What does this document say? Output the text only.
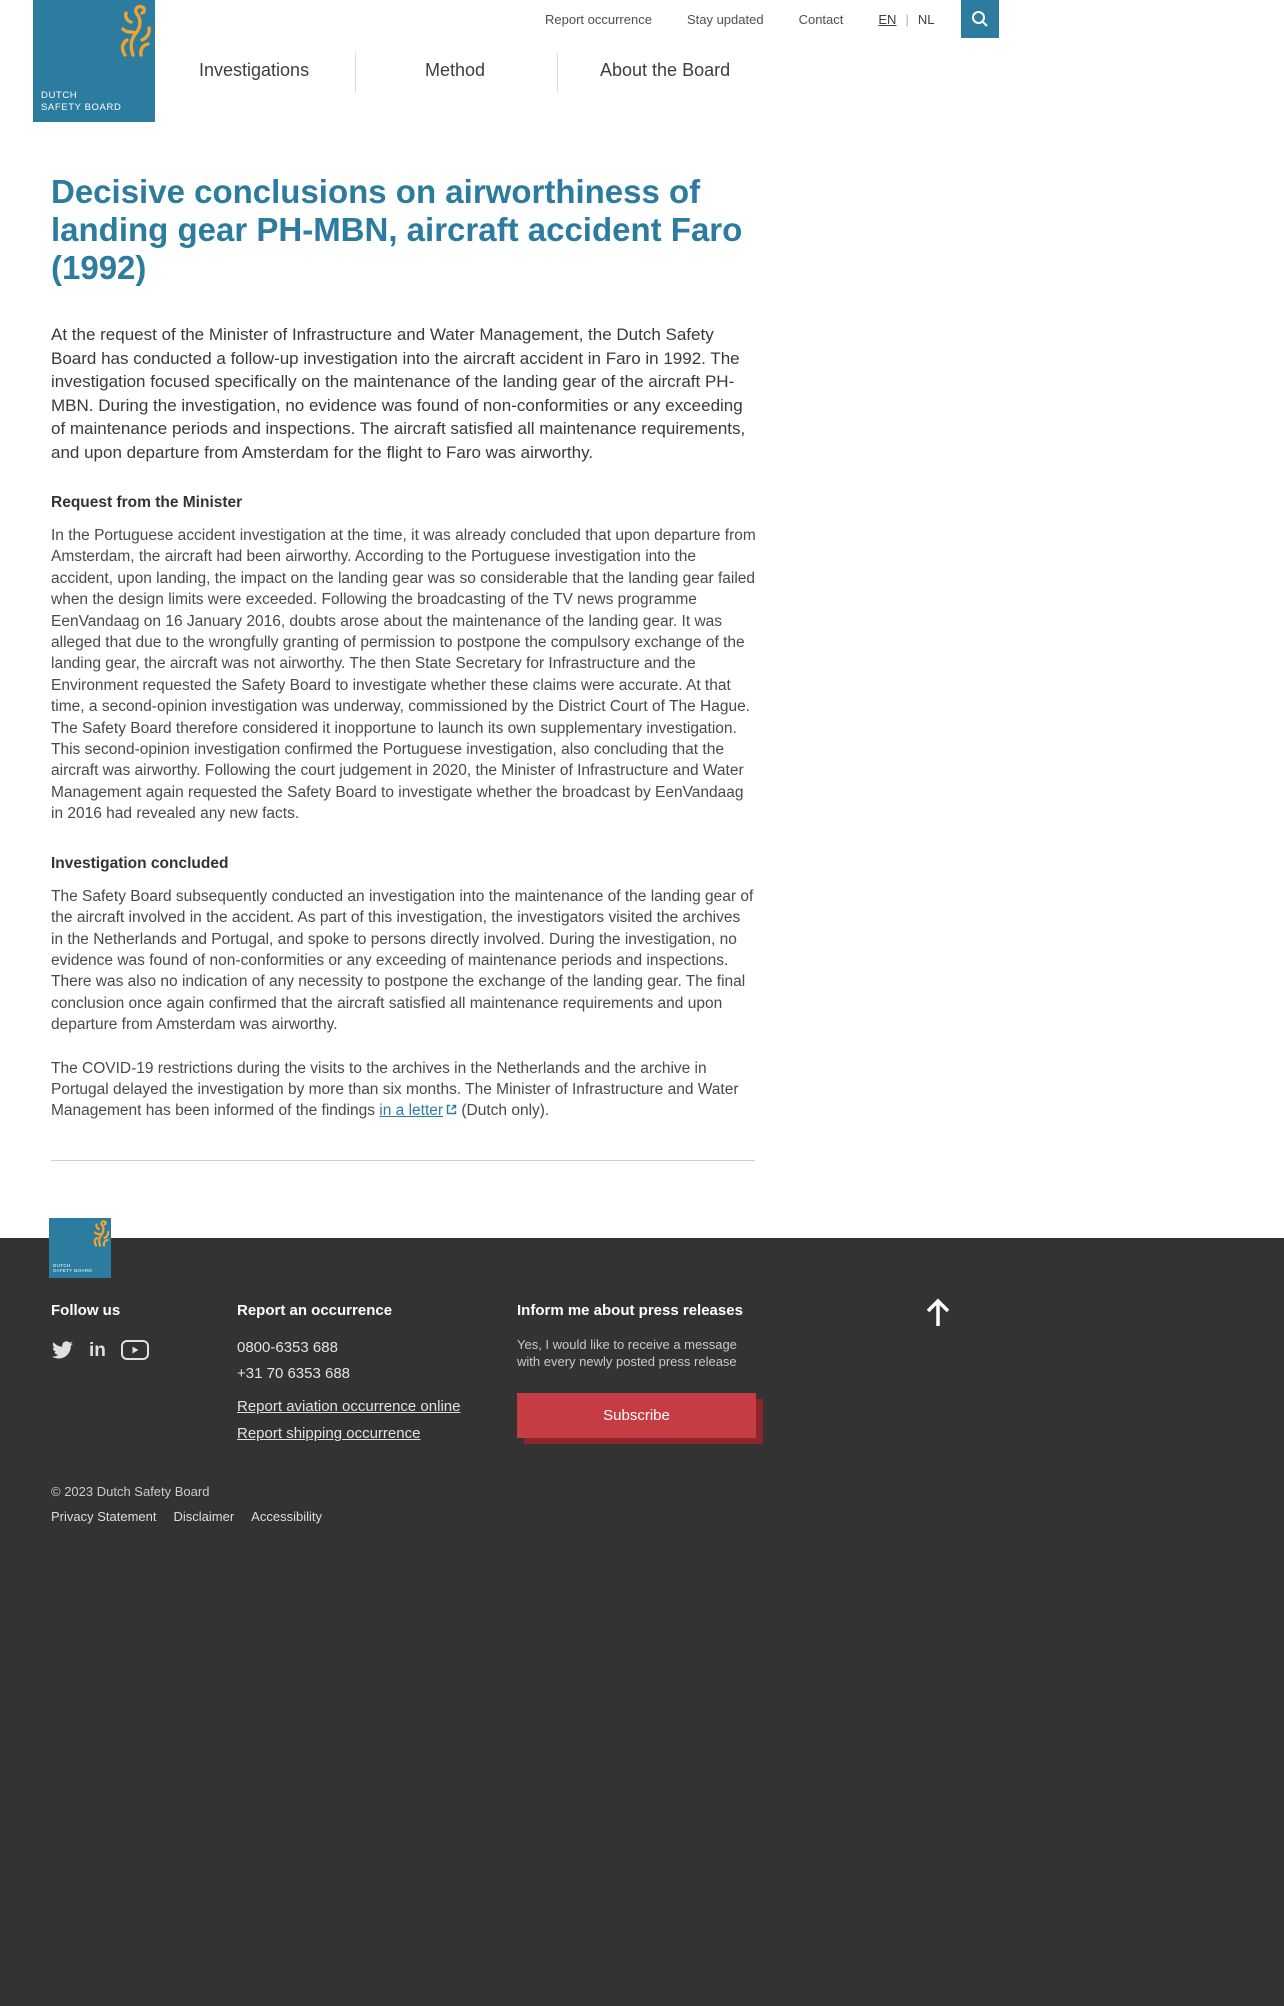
DUTCH
SAFETY BOARD
Report occurrence	Stay updated	Contact	EN | NL
Investigations	Method	About the Board
Decisive conclusions on airworthiness of landing gear PH-MBN, aircraft accident Faro (1992)

At the request of the Minister of Infrastructure and Water Management, the Dutch Safety Board has conducted a follow-up investigation into the aircraft accident in Faro in 1992. The investigation focused specifically on the maintenance of the landing gear of the aircraft PH-MBN. During the investigation, no evidence was found of non-conformities or any exceeding of maintenance periods and inspections. The aircraft satisfied all maintenance requirements, and upon departure from Amsterdam for the flight to Faro was airworthy.

Request from the Minister

In the Portuguese accident investigation at the time, it was already concluded that upon departure from Amsterdam, the aircraft had been airworthy. According to the Portuguese investigation into the accident, upon landing, the impact on the landing gear was so considerable that the landing gear failed when the design limits were exceeded. Following the broadcasting of the TV news programme EenVandaag on 16 January 2016, doubts arose about the maintenance of the landing gear. It was alleged that due to the wrongfully granting of permission to postpone the compulsory exchange of the landing gear, the aircraft was not airworthy. The then State Secretary for Infrastructure and the Environment requested the Safety Board to investigate whether these claims were accurate. At that time, a second-opinion investigation was underway, commissioned by the District Court of The Hague. The Safety Board therefore considered it inopportune to launch its own supplementary investigation. This second-opinion investigation confirmed the Portuguese investigation, also concluding that the aircraft was airworthy. Following the court judgement in 2020, the Minister of Infrastructure and Water Management again requested the Safety Board to investigate whether the broadcast by EenVandaag in 2016 had revealed any new facts.

Investigation concluded

The Safety Board subsequently conducted an investigation into the maintenance of the landing gear of the aircraft involved in the accident. As part of this investigation, the investigators visited the archives in the Netherlands and Portugal, and spoke to persons directly involved. During the investigation, no evidence was found of non-conformities or any exceeding of maintenance periods and inspections. There was also no indication of any necessity to postpone the exchange of the landing gear. The final conclusion once again confirmed that the aircraft satisfied all maintenance requirements and upon departure from Amsterdam was airworthy.

The COVID-19 restrictions during the visits to the archives in the Netherlands and the archive in Portugal delayed the investigation by more than six months. The Minister of Infrastructure and Water Management has been informed of the findings in a letter (Dutch only).

DUTCH
SAFETY BOARD
Follow us
in
Report an occurrence
0800-6353 688
+31 70 6353 688
Report aviation occurrence online
Report shipping occurrence
Inform me about press releases
Yes, I would like to receive a message with every newly posted press release
Subscribe
© 2023 Dutch Safety Board
Privacy Statement Disclaimer Accessibility
